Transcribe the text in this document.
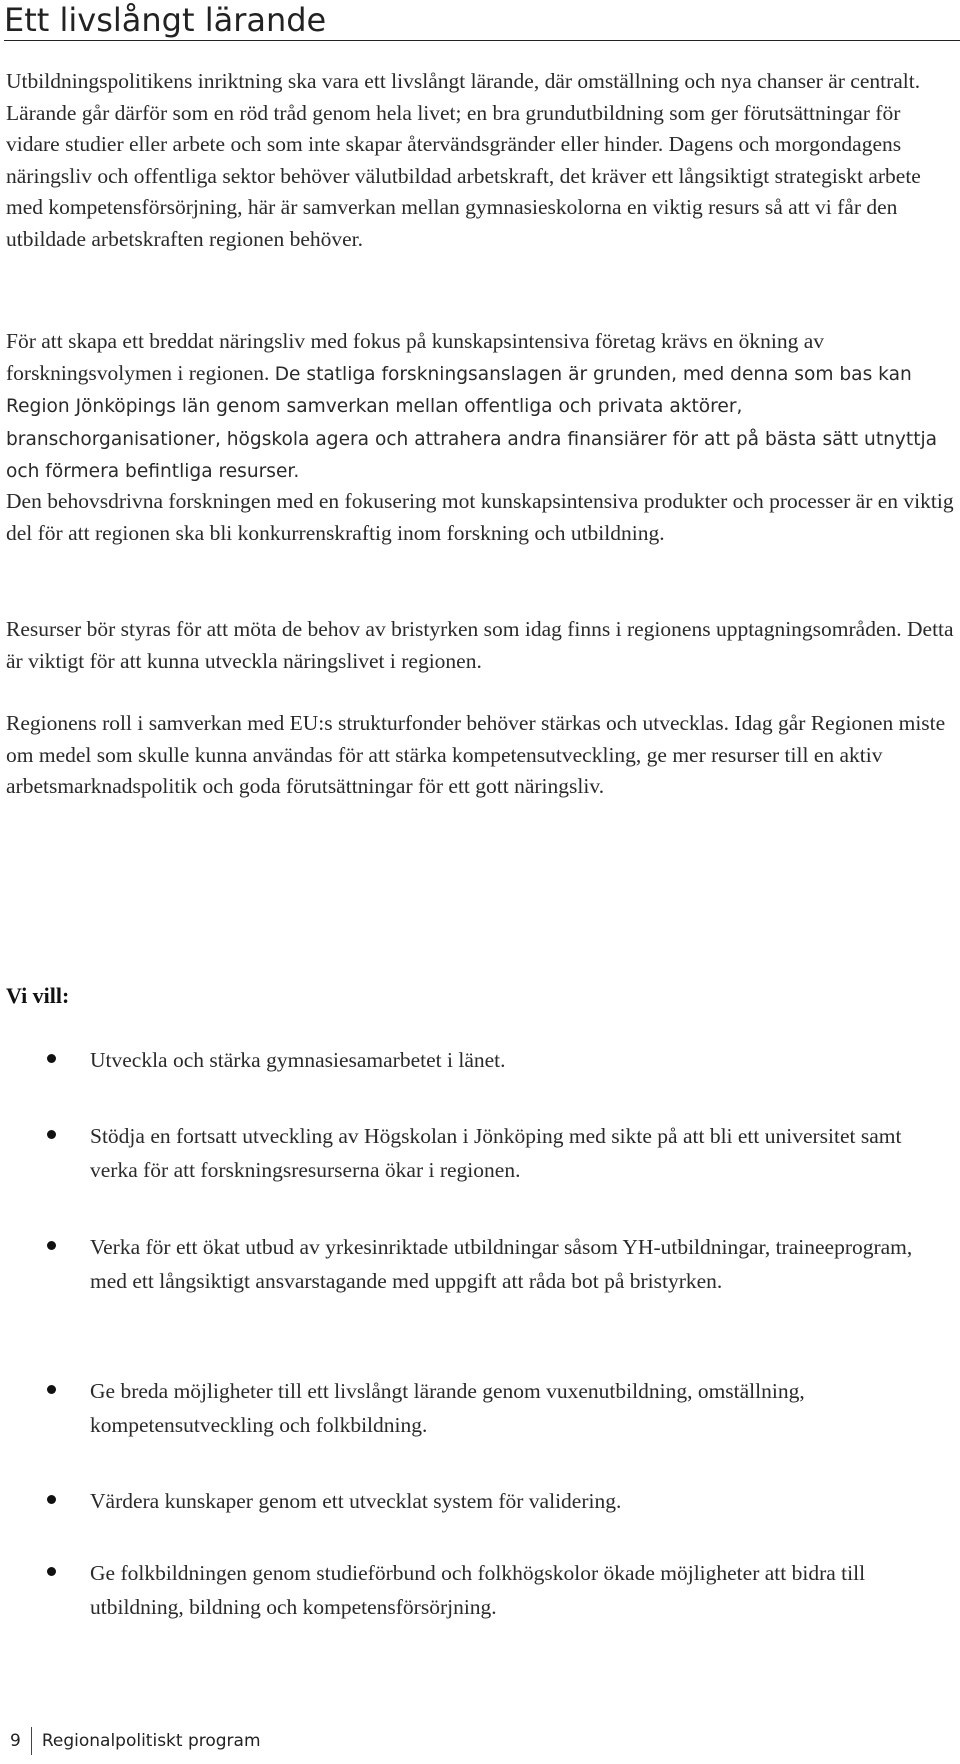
Ett livslångt lärande

Utbildningspolitikens inriktning ska vara ett livslångt lärande, där omställning och nya chanser är centralt. Lärande går därför som en röd tråd genom hela livet; en bra grundutbildning som ger förutsättningar för vidare studier eller arbete och som inte skapar återvändsgränder eller hinder. Dagens och morgondagens näringsliv och offentliga sektor behöver välutbildad arbetskraft, det kräver ett långsiktigt strategiskt arbete med kompetensförsörjning, här är samverkan mellan gymnasieskolorna en viktig resurs så att vi får den utbildade arbetskraften regionen behöver.

För att skapa ett breddat näringsliv med fokus på kunskapsintensiva företag krävs en ökning av forskningsvolymen i regionen. De statliga forskningsanslagen är grunden, med denna som bas kan Region Jönköpings län genom samverkan mellan offentliga och privata aktörer, branschorganisationer, högskola agera och attrahera andra finansiärer för att på bästa sätt utnyttja och förmera befintliga resurser.

Den behovsdrivna forskningen med en fokusering mot kunskapsintensiva produkter och processer är en viktig del för att regionen ska bli konkurrenskraftig inom forskning och utbildning.

Resurser bör styras för att möta de behov av bristyrken som idag finns i regionens upptagningsområden. Detta är viktigt för att kunna utveckla näringslivet i regionen.

Regionens roll i samverkan med EU:s strukturfonder behöver stärkas och utvecklas. Idag går Regionen miste om medel som skulle kunna användas för att stärka kompetensutveckling, ge mer resurser till en aktiv arbetsmarknadspolitik och goda förutsättningar för ett gott näringsliv.

Vi vill:

Utveckla och stärka gymnasiesamarbetet i länet.
Stödja en fortsatt utveckling av Högskolan i Jönköping med sikte på att bli ett universitet samt verka för att forskningsresurserna ökar i regionen.
Verka för ett ökat utbud av yrkesinriktade utbildningar såsom YH-utbildningar, traineeprogram, med ett långsiktigt ansvarstagande med uppgift att råda bot på bristyrken.
Ge breda möjligheter till ett livslångt lärande genom vuxenutbildning, omställning, kompetensutveckling och folkbildning.
Värdera kunskaper genom ett utvecklat system för validering.
Ge folkbildningen genom studieförbund och folkhögskolor ökade möjligheter att bidra till utbildning, bildning och kompetensförsörjning.
9	Regionalpolitiskt program
